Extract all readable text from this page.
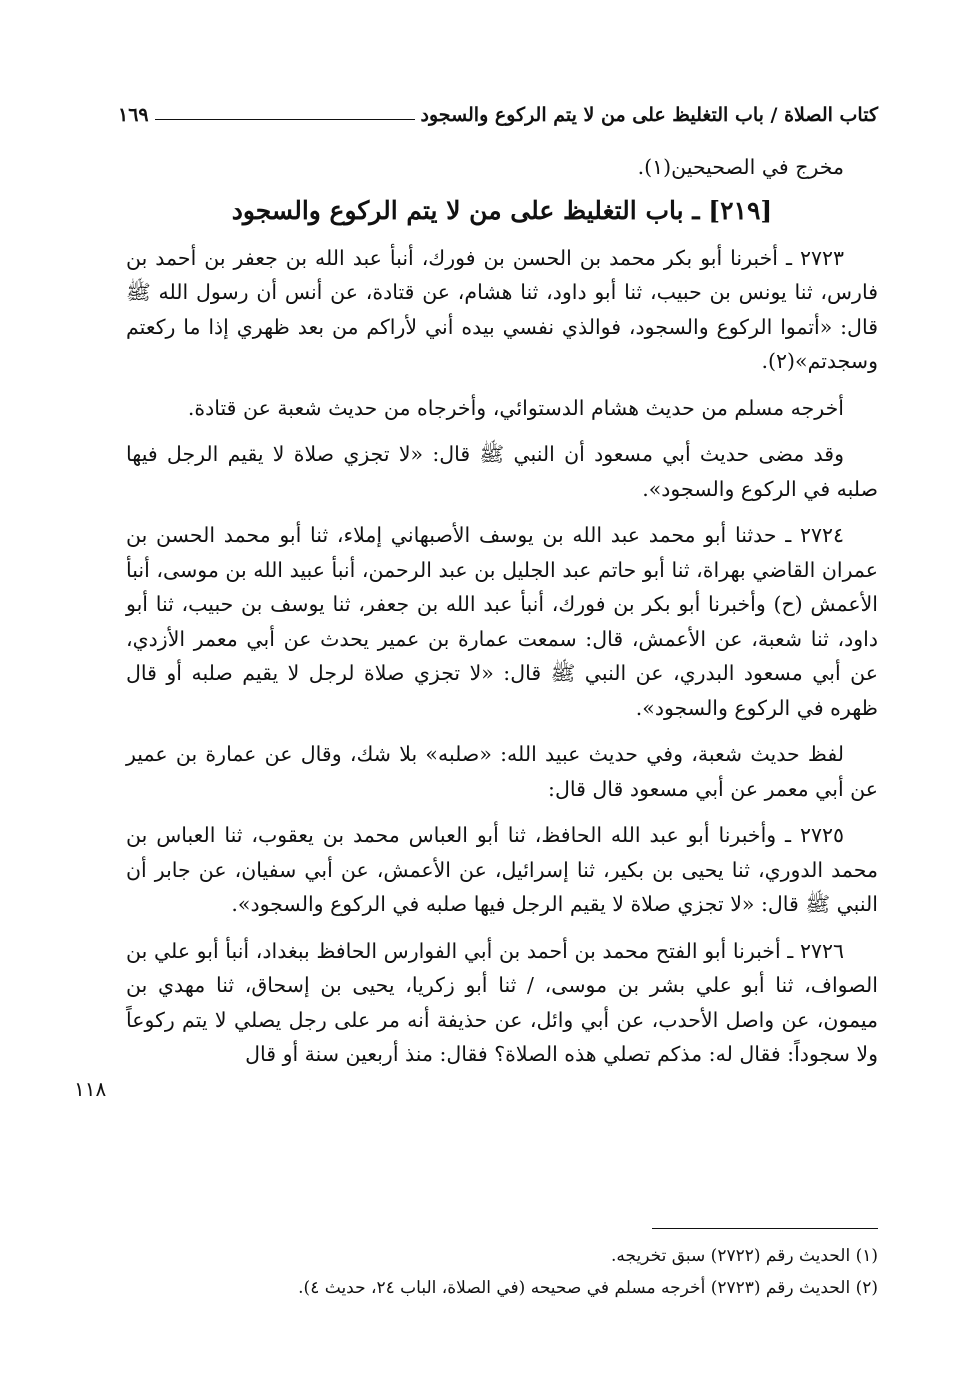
كتاب الصلاة / باب التغليظ على من لا يتم الركوع والسجود
١٦٩

مخرج في الصحيحين(١).

[٢١٩] ـ باب التغليظ على من لا يتم الركوع والسجود

٢٧٢٣ ـ أخبرنا أبو بكر محمد بن الحسن بن فورك، أنبأ عبد الله بن جعفر بن أحمد بن فارس، ثنا يونس بن حبيب، ثنا أبو داود، ثنا هشام، عن قتادة، عن أنس أن رسول الله ﷺ قال: «أتموا الركوع والسجود، فوالذي نفسي بيده أني لأراكم من بعد ظهري إذا ما ركعتم وسجدتم»(٢).

أخرجه مسلم من حديث هشام الدستوائي، وأخرجاه من حديث شعبة عن قتادة.

وقد مضى حديث أبي مسعود أن النبي ﷺ قال: «لا تجزي صلاة لا يقيم الرجل فيها صلبه في الركوع والسجود».

٢٧٢٤ ـ حدثنا أبو محمد عبد الله بن يوسف الأصبهاني إملاء، ثنا أبو محمد الحسن بن عمران القاضي بهراة، ثنا أبو حاتم عبد الجليل بن عبد الرحمن، أنبأ عبيد الله بن موسى، أنبأ الأعمش (ح) وأخبرنا أبو بكر بن فورك، أنبأ عبد الله بن جعفر، ثنا يوسف بن حبيب، ثنا أبو داود، ثنا شعبة، عن الأعمش، قال: سمعت عمارة بن عمير يحدث عن أبي معمر الأزدي، عن أبي مسعود البدري، عن النبي ﷺ قال: «لا تجزي صلاة لرجل لا يقيم صلبه أو قال ظهره في الركوع والسجود».

لفظ حديث شعبة، وفي حديث عبيد الله: «صلبه» بلا شك، وقال عن عمارة بن عمير عن أبي معمر عن أبي مسعود قال قال:

٢٧٢٥ ـ وأخبرنا أبو عبد الله الحافظ، ثنا أبو العباس محمد بن يعقوب، ثنا العباس بن محمد الدوري، ثنا يحيى بن بكير، ثنا إسرائيل، عن الأعمش، عن أبي سفيان، عن جابر أن النبي ﷺ قال: «لا تجزي صلاة لا يقيم الرجل فيها صلبه في الركوع والسجود».

٢٧٢٦ ـ أخبرنا أبو الفتح محمد بن أحمد بن أبي الفوارس الحافظ ببغداد، أنبأ أبو علي بن الصواف، ثنا أبو علي بشر بن موسى، / ثنا أبو زكريا، يحيى بن إسحاق، ثنا مهدي بن ميمون، عن واصل الأحدب، عن أبي وائل، عن حذيفة أنه مر على رجل يصلي لا يتم ركوعاً ولا سجوداً: فقال له: مذكم تصلي هذه الصلاة؟ فقال: منذ أربعين سنة أو قال

١١٨
(١) الحديث رقم (٢٧٢٢) سبق تخريجه.
(٢) الحديث رقم (٢٧٢٣) أخرجه مسلم في صحيحه (في الصلاة، الباب ٢٤، حديث ٤).
